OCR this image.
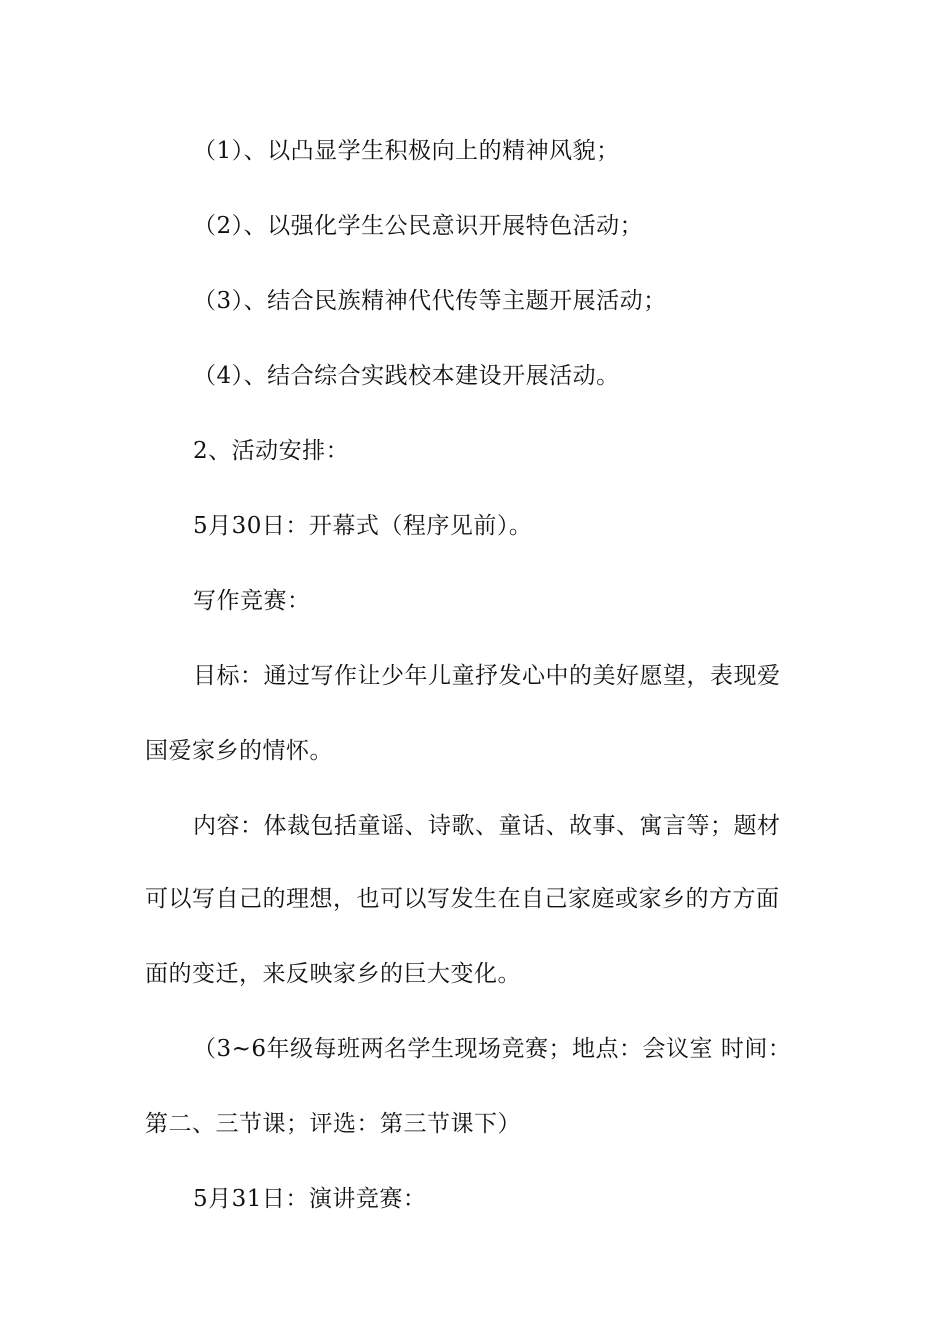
（1）、以凸显学生积极向上的精神风貌；
（2）、以强化学生公民意识开展特色活动；
（3）、结合民族精神代代传等主题开展活动；
（4）、结合综合实践校本建设开展活动。
2、活动安排：
5月30日：开幕式（程序见前）。
写作竞赛：
目标：通过写作让少年儿童抒发心中的美好愿望，表现爱
国爱家乡的情怀。
内容：体裁包括童谣、诗歌、童话、故事、寓言等；题材
可以写自己的理想，也可以写发生在自己家庭或家乡的方方面
面的变迁，来反映家乡的巨大变化。
（3~6年级每班两名学生现场竞赛；地点：会议室 时间：
第二、三节课；评选：第三节课下）
5月31日：演讲竞赛：
